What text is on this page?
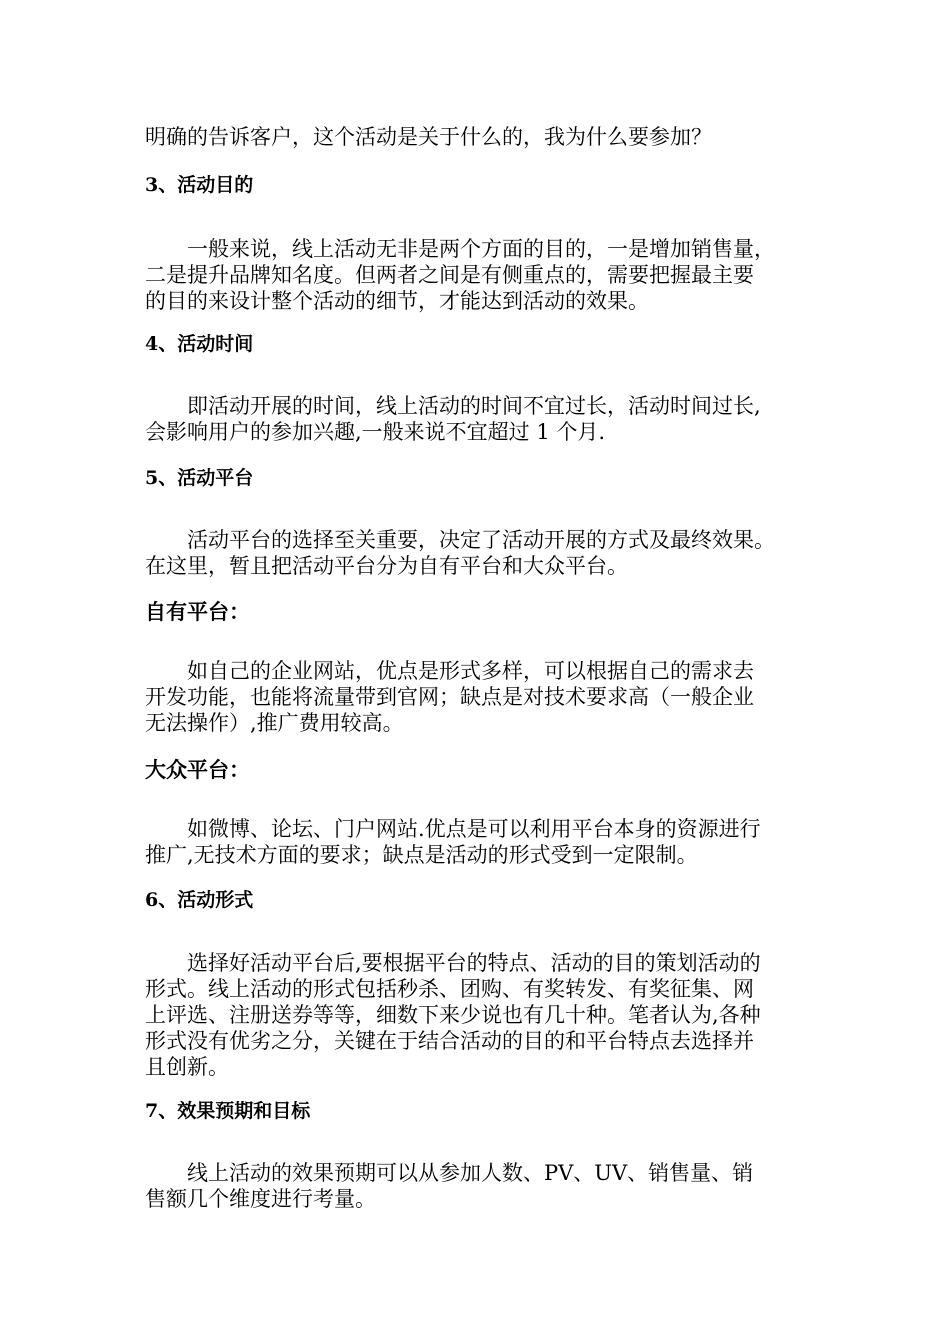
明确的告诉客户，这个活动是关于什么的，我为什么要参加？
3、活动目的
一般来说，线上活动无非是两个方面的目的，一是增加销售量，
二是提升品牌知名度。但两者之间是有侧重点的，需要把握最主要
的目的来设计整个活动的细节，才能达到活动的效果。
4、活动时间
即活动开展的时间，线上活动的时间不宜过长，活动时间过长,
会影响用户的参加兴趣,一般来说不宜超过 1 个月.
5、活动平台
活动平台的选择至关重要，决定了活动开展的方式及最终效果。
在这里，暂且把活动平台分为自有平台和大众平台。
自有平台：
如自己的企业网站，优点是形式多样，可以根据自己的需求去
开发功能，也能将流量带到官网；缺点是对技术要求高（一般企业
无法操作）,推广费用较高。
大众平台：
如微博、论坛、门户网站.优点是可以利用平台本身的资源进行
推广,无技术方面的要求；缺点是活动的形式受到一定限制。
6、活动形式
选择好活动平台后,要根据平台的特点、活动的目的策划活动的
形式。线上活动的形式包括秒杀、团购、有奖转发、有奖征集、网
上评选、注册送券等等，细数下来少说也有几十种。笔者认为,各种
形式没有优劣之分，关键在于结合活动的目的和平台特点去选择并
且创新。
7、效果预期和目标
线上活动的效果预期可以从参加人数、PV、UV、销售量、销
售额几个维度进行考量。
